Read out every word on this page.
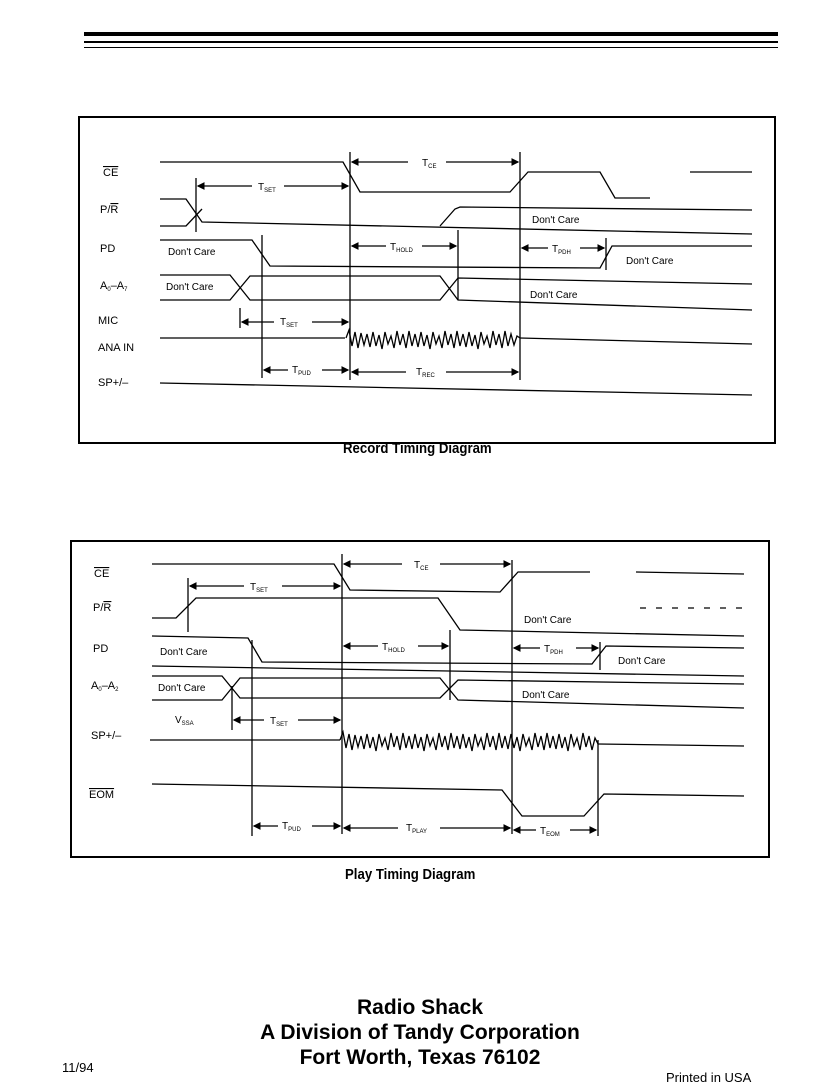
CE
P/R
PD
A0–A7
MIC
ANA IN
SP+/–
Don't Care
Don't Care
Don't Care
Don't Care
Don't Care
$T_{CE}$
$T_{SET}$
$T_{HOLD}$	$T_{PDH}$
$T_{SET}$
$T_{PUD}$	$T_{REC}$
Record Timing Diagram
CE
P/R
PD
A0–A2
SP+/–
EOM
Don't Care
Don't Care
Don't Care
Don't Care
Don't Care
$V_{SSA}$
$T_{CE}$
$T_{SET}$
$T_{HOLD}$	$T_{PDH}$
$T_{SET}$
$T_{PUD}$	$T_{PLAY}$	$T_{EOM}$
Play Timing Diagram
Radio Shack
A Division of Tandy Corporation
Fort Worth, Texas 76102
11/94
Printed in USA
